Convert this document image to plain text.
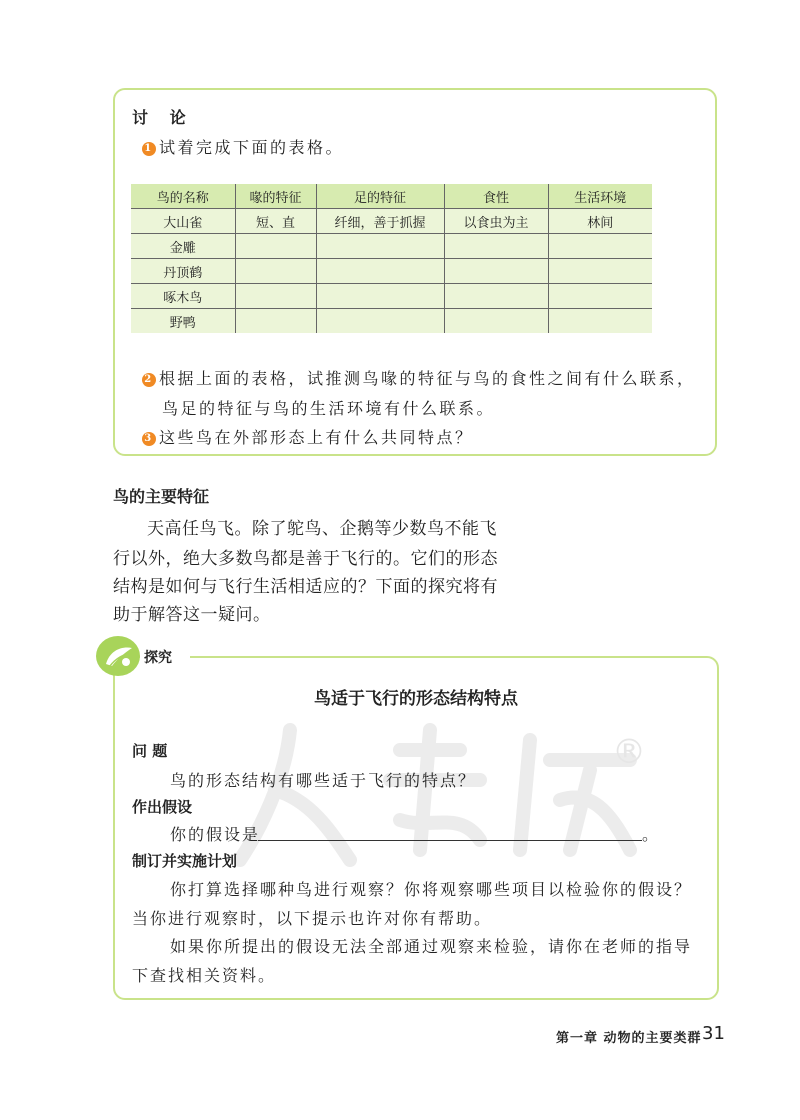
讨 论
1 试着完成下面的表格。
鸟的名称	喙的特征	足的特征	食性	生活环境
大山雀	短、直	纤细，善于抓握	以食虫为主	林间
金雕				
丹顶鹤				
啄木鸟				
野鸭				
2 根据上面的表格，试推测鸟喙的特征与鸟的食性之间有什么联系，
鸟足的特征与鸟的生活环境有什么联系。
3 这些鸟在外部形态上有什么共同特点？
鸟的主要特征
天高任鸟飞。除了鸵鸟、企鹅等少数鸟不能飞
行以外，绝大多数鸟都是善于飞行的。它们的形态
结构是如何与飞行生活相适应的？下面的探究将有
助于解答这一疑问。
探究
鸟适于飞行的形态结构特点
®
问 题
鸟的形态结构有哪些适于飞行的特点？
作出假设
你的假设是	。
制订并实施计划
你打算选择哪种鸟进行观察？你将观察哪些项目以检验你的假设？
当你进行观察时，以下提示也许对你有帮助。
如果你所提出的假设无法全部通过观察来检验，请你在老师的指导
下查找相关资料。
第一章 动物的主要类群 31
